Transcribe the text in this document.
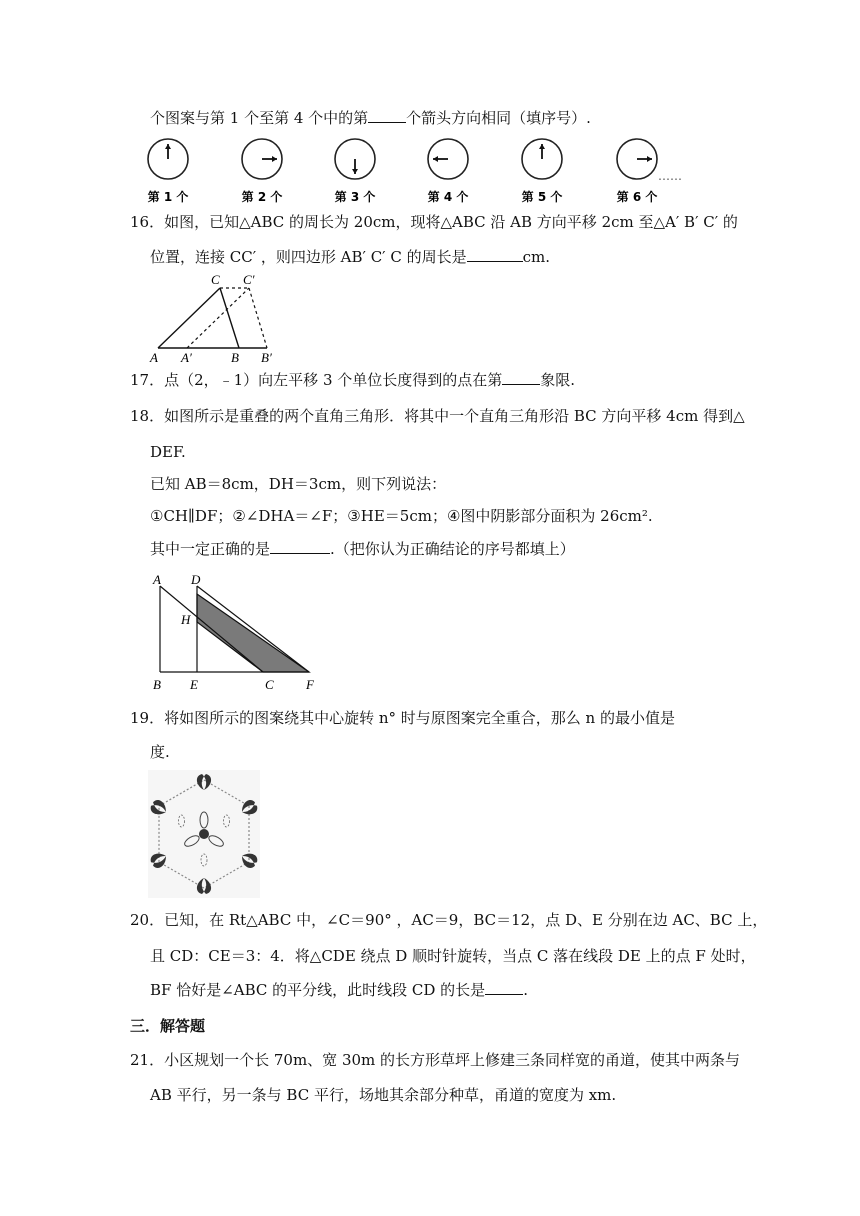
个图案与第 1 个至第 4 个中的第	个箭头方向相同（填序号）.
第 1 个	第 2 个	第 3 个	第 4 个	第 5 个	第 6 个
……
16．如图，已知△ABC 的周长为 20cm，现将△ABC 沿 AB 方向平移 2cm 至△A′ B′ C′ 的
位置，连接 CC′ ，则四边形 AB′ C′ C 的周长是	cm.
A A′	B B′
C C′
17．点（2，﹣1）向左平移 3 个单位长度得到的点在第	象限.
18．如图所示是重叠的两个直角三角形．将其中一个直角三角形沿 BC 方向平移 4cm 得到△
DEF.
已知 AB＝8cm，DH＝3cm，则下列说法：
①CH∥DF；②∠DHA＝∠F；③HE＝5cm；④图中阴影部分面积为 26cm².
其中一定正确的是	.（把你认为正确结论的序号都填上）
A D
H
B E	C F
19．将如图所示的图案绕其中心旋转 n° 时与原图案完全重合，那么 n 的最小值是
度.
20．已知，在 Rt△ABC 中，∠C＝90° ，AC＝9，BC＝12，点 D、E 分别在边 AC、BC 上，
且 CD：CE＝3：4．将△CDE 绕点 D 顺时针旋转，当点 C 落在线段 DE 上的点 F 处时，
BF 恰好是∠ABC 的平分线，此时线段 CD 的长是	.
三．解答题
21．小区规划一个长 70m、宽 30m 的长方形草坪上修建三条同样宽的甬道，使其中两条与
AB 平行，另一条与 BC 平行，场地其余部分种草，甬道的宽度为 xm.
